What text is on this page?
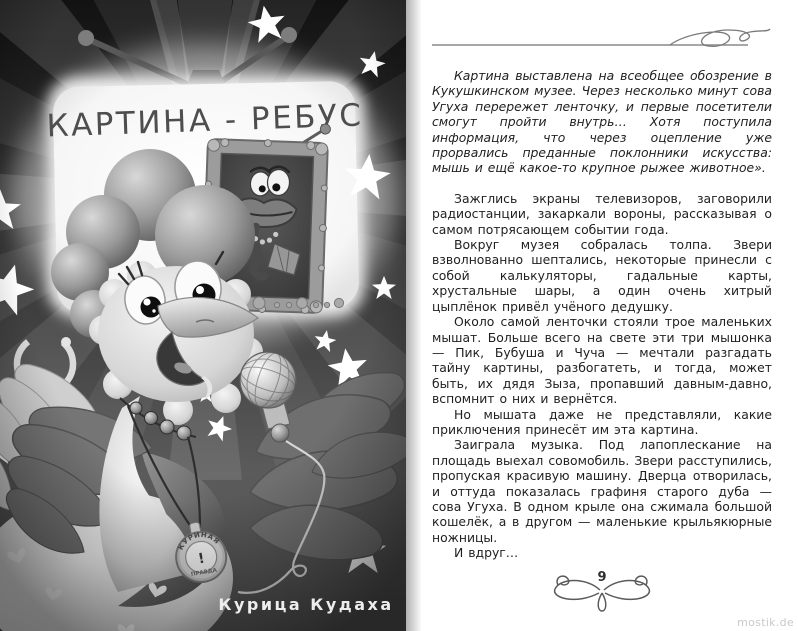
Курица Кудаха

Картина выставлена на всеобщее обозрение в Кукушкинском музее. Через несколько минут сова Угуха перережет ленточку, и первые посетители смогут пройти внутрь… Хотя поступила информация, что через оцепление уже прорвались преданные поклонники искусства: мышь и ещё какое-то крупное рыжее животное».

Зажглись экраны телевизоров, заговорили радиостанции, закаркали вороны, рассказывая о самом потрясающем событии года.

Вокруг музея собралась толпа. Звери взволнованно шептались, некоторые принесли с собой калькуляторы, гадальные карты, хрустальные шары, а один очень хитрый цыплёнок привёл учёного дедушку.

Около самой ленточки стояли трое маленьких мышат. Больше всего на свете эти три мышонка — Пик, Бубуша и Чуча — мечтали разгадать тайну картины, разбогатеть, и тогда, может быть, их дядя Зыза, пропавший давным-давно, вспомнит о них и вернётся.

Но мышата даже не представляли, какие приключения принесёт им эта картина.

Заиграла музыка. Под лапоплескание на площадь выехал совомобиль. Звери расступились, пропуская красивую машину. Дверца отворилась, и оттуда показалась графиня старого дуба — сова Угуха. В одном крыле она сжимала большой кошелёк, а в другом — маленькие крыльякюрные ножницы.

И вдруг…

9
mostik.de
